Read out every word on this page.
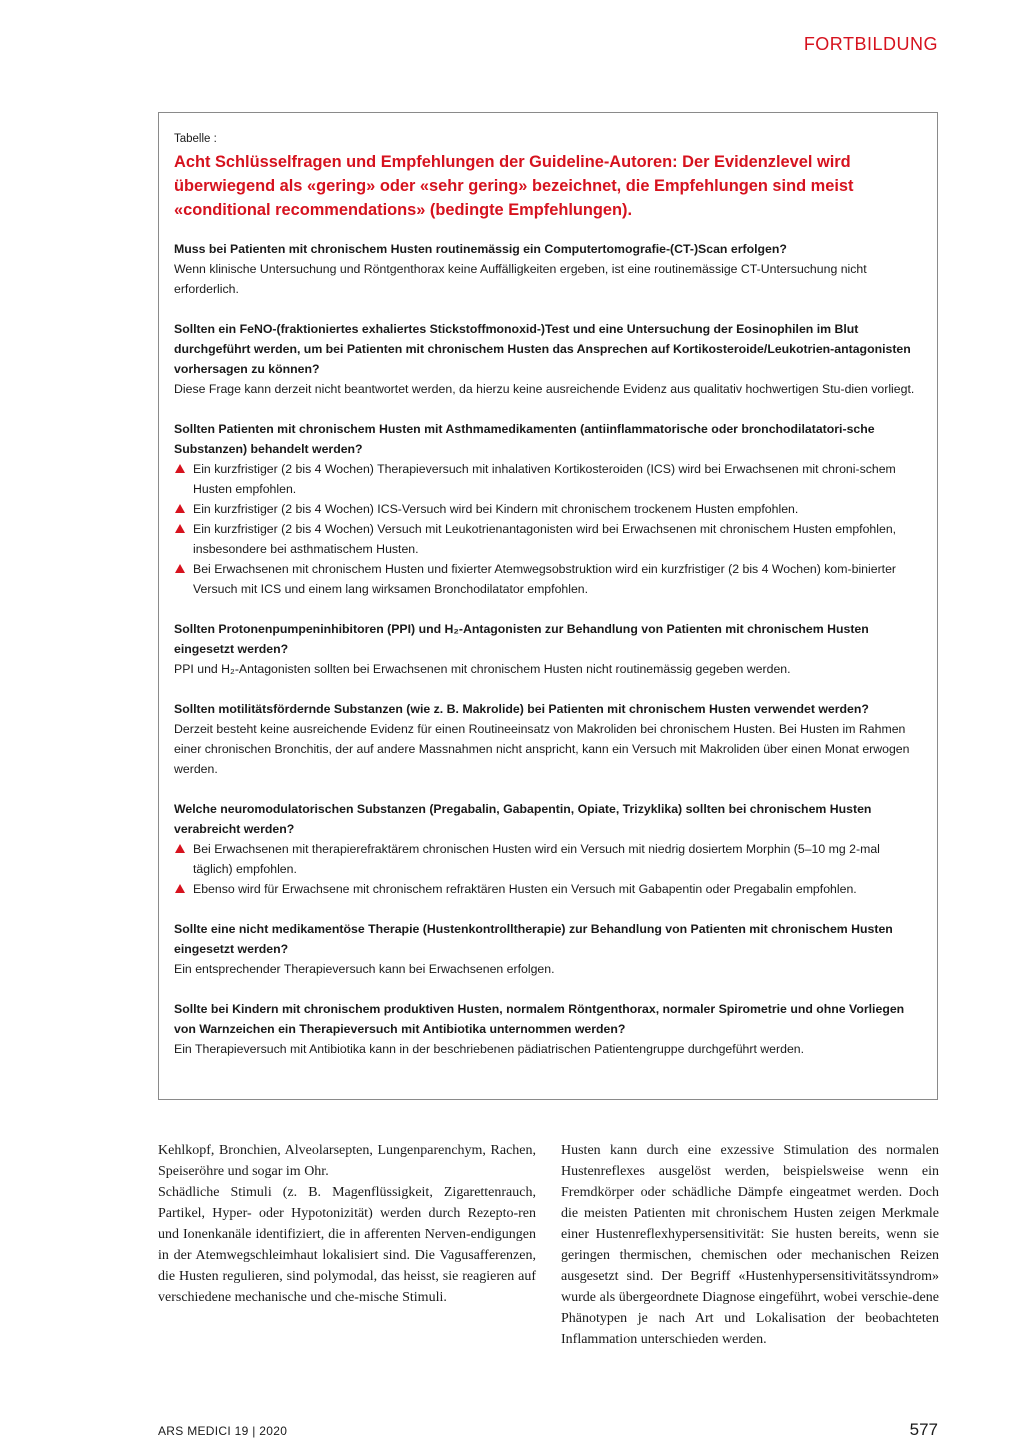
FORTBILDUNG
Tabelle :
Acht Schlüsselfragen und Empfehlungen der Guideline-Autoren: Der Evidenzlevel wird überwiegend als «gering» oder «sehr gering» bezeichnet, die Empfehlungen sind meist «conditional recommendations» (bedingte Empfehlungen).
Muss bei Patienten mit chronischem Husten routinemässig ein Computertomografie-(CT-)Scan erfolgen?
Wenn klinische Untersuchung und Röntgenthorax keine Auffälligkeiten ergeben, ist eine routinemässige CT-Untersuchung nicht erforderlich.
Sollten ein FeNO-(fraktioniertes exhaliertes Stickstoffmonoxid-)Test und eine Untersuchung der Eosinophilen im Blut durchgeführt werden, um bei Patienten mit chronischem Husten das Ansprechen auf Kortikosteroide/Leukotrien-antagonisten vorhersagen zu können?
Diese Frage kann derzeit nicht beantwortet werden, da hierzu keine ausreichende Evidenz aus qualitativ hochwertigen Stu-dien vorliegt.
Sollten Patienten mit chronischem Husten mit Asthmamedikamenten (antiinflammatorische oder bronchodilatatori-sche Substanzen) behandelt werden?
Ein kurzfristiger (2 bis 4 Wochen) Therapieversuch mit inhalativen Kortikosteroiden (ICS) wird bei Erwachsenen mit chroni-schem Husten empfohlen.
Ein kurzfristiger (2 bis 4 Wochen) ICS-Versuch wird bei Kindern mit chronischem trockenem Husten empfohlen.
Ein kurzfristiger (2 bis 4 Wochen) Versuch mit Leukotrienantagonisten wird bei Erwachsenen mit chronischem Husten empfohlen, insbesondere bei asthmatischem Husten.
Bei Erwachsenen mit chronischem Husten und fixierter Atemwegsobstruktion wird ein kurzfristiger (2 bis 4 Wochen) kom-binierter Versuch mit ICS und einem lang wirksamen Bronchodilatator empfohlen.
Sollten Protonenpumpeninhibitoren (PPI) und H₂-Antagonisten zur Behandlung von Patienten mit chronischem Husten eingesetzt werden?
PPI und H₂-Antagonisten sollten bei Erwachsenen mit chronischem Husten nicht routinemässig gegeben werden.
Sollten motilitätsfördernde Substanzen (wie z. B. Makrolide) bei Patienten mit chronischem Husten verwendet werden?
Derzeit besteht keine ausreichende Evidenz für einen Routineeinsatz von Makroliden bei chronischem Husten. Bei Husten im Rahmen einer chronischen Bronchitis, der auf andere Massnahmen nicht anspricht, kann ein Versuch mit Makroliden über einen Monat erwogen werden.
Welche neuromodulatorischen Substanzen (Pregabalin, Gabapentin, Opiate, Trizyklika) sollten bei chronischem Husten verabreicht werden?
Bei Erwachsenen mit therapierefraktärem chronischen Husten wird ein Versuch mit niedrig dosiertem Morphin (5–10 mg 2-mal täglich) empfohlen.
Ebenso wird für Erwachsene mit chronischem refraktären Husten ein Versuch mit Gabapentin oder Pregabalin empfohlen.
Sollte eine nicht medikamentöse Therapie (Hustenkontrolltherapie) zur Behandlung von Patienten mit chronischem Husten eingesetzt werden?
Ein entsprechender Therapieversuch kann bei Erwachsenen erfolgen.
Sollte bei Kindern mit chronischem produktiven Husten, normalem Röntgenthorax, normaler Spirometrie und ohne Vorliegen von Warnzeichen ein Therapieversuch mit Antibiotika unternommen werden?
Ein Therapieversuch mit Antibiotika kann in der beschriebenen pädiatrischen Patientengruppe durchgeführt werden.

Kehlkopf, Bronchien, Alveolarsepten, Lungenparenchym, Rachen, Speiseröhre und sogar im Ohr.

Schädliche Stimuli (z. B. Magenflüssigkeit, Zigarettenrauch, Partikel, Hyper- oder Hypotonizität) werden durch Rezepto-ren und Ionenkanäle identifiziert, die in afferenten Nerven-endigungen in der Atemwegschleimhaut lokalisiert sind. Die Vagusafferenzen, die Husten regulieren, sind polymodal, das heisst, sie reagieren auf verschiedene mechanische und che-mische Stimuli.

Husten kann durch eine exzessive Stimulation des normalen Hustenreflexes ausgelöst werden, beispielsweise wenn ein Fremdkörper oder schädliche Dämpfe eingeatmet werden. Doch die meisten Patienten mit chronischem Husten zeigen Merkmale einer Hustenreflexhypersensitivität: Sie husten bereits, wenn sie geringen thermischen, chemischen oder mechanischen Reizen ausgesetzt sind. Der Begriff «Hustenhypersensitivitätssyndrom» wurde als übergeordnete Diagnose eingeführt, wobei verschie-dene Phänotypen je nach Art und Lokalisation der beobachteten Inflammation unterschieden werden.

ARS MEDICI 19 | 2020	577
